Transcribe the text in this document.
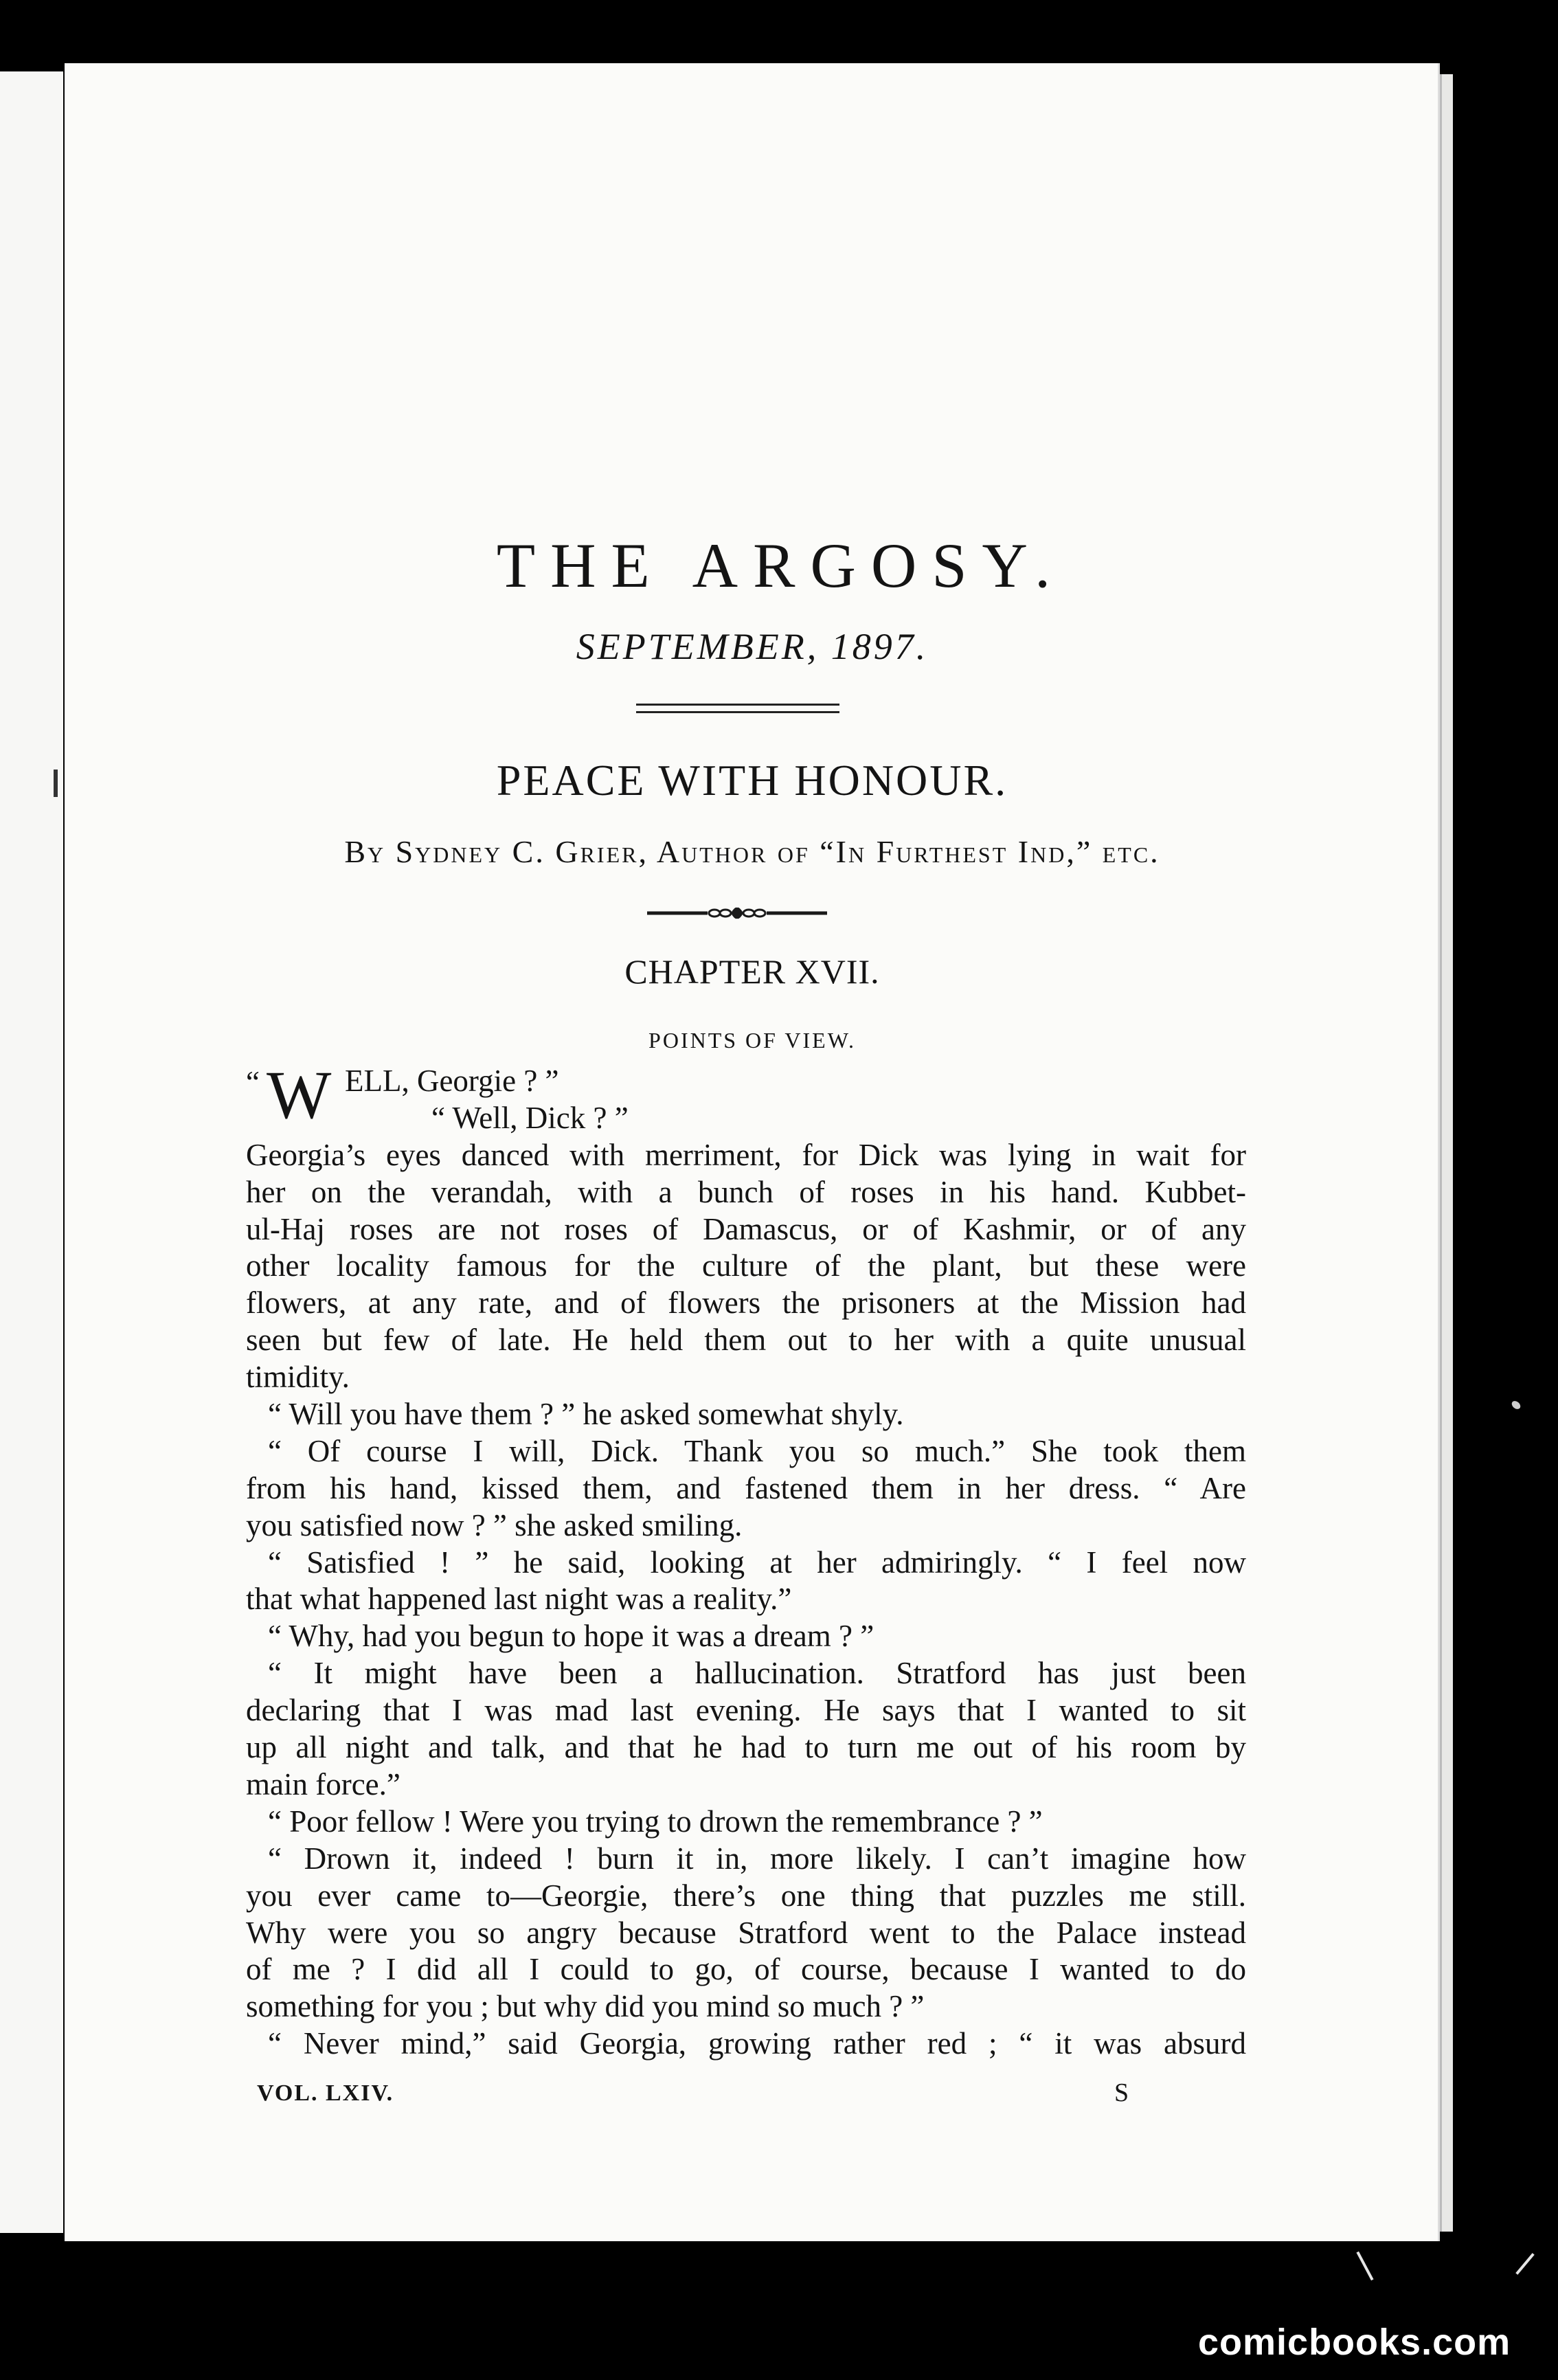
THE ARGOSY.
SEPTEMBER, 1897.
PEACE WITH HONOUR.
By Sydney C. Grier, Author of “In Furthest Ind,” etc.
CHAPTER XVII.
POINTS OF VIEW.
“ W ELL, Georgie ? ”
“ Well, Dick ? ”
Georgia’s eyes danced with merriment, for Dick was lying in wait for
her on the verandah, with a bunch of roses in his hand. Kubbet-
ul-Haj roses are not roses of Damascus, or of Kashmir, or of any
other locality famous for the culture of the plant, but these were
flowers, at any rate, and of flowers the prisoners at the Mission had
seen but few of late. He held them out to her with a quite unusual
timidity.
“ Will you have them ? ” he asked somewhat shyly.
“ Of course I will, Dick. Thank you so much.” She took them
from his hand, kissed them, and fastened them in her dress. “ Are
you satisfied now ? ” she asked smiling.
“ Satisfied ! ” he said, looking at her admiringly. “ I feel now
that what happened last night was a reality.”
“ Why, had you begun to hope it was a dream ? ”
“ It might have been a hallucination. Stratford has just been
declaring that I was mad last evening. He says that I wanted to sit
up all night and talk, and that he had to turn me out of his room by
main force.”
“ Poor fellow ! Were you trying to drown the remembrance ? ”
“ Drown it, indeed ! burn it in, more likely. I can’t imagine how
you ever came to—Georgie, there’s one thing that puzzles me still.
Why were you so angry because Stratford went to the Palace instead
of me ? I did all I could to go, of course, because I wanted to do
something for you ; but why did you mind so much ? ”
“ Never mind,” said Georgia, growing rather red ; “ it was absurd
VOL. LXIV.	S
comicbooks.com
